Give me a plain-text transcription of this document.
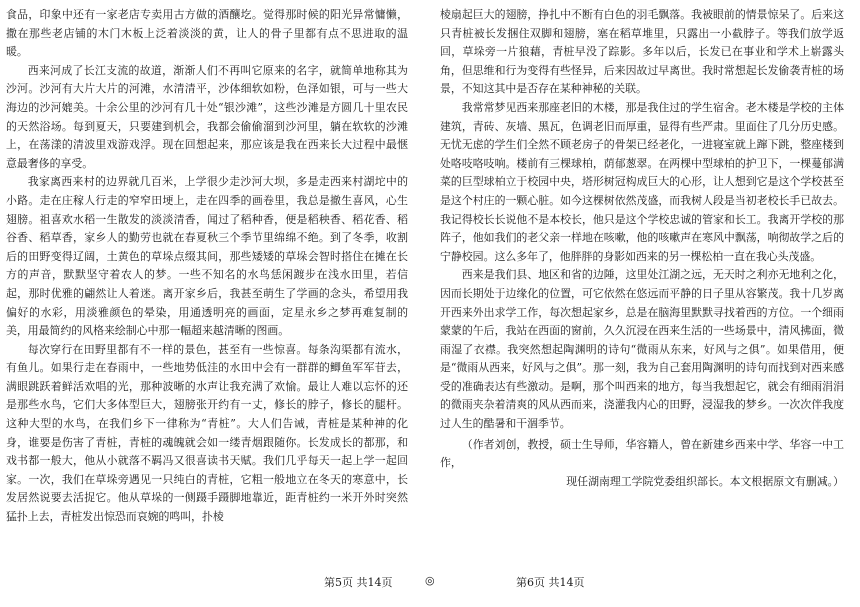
食品，印象中还有一家老店专卖用古方做的酒釀圪。觉得那时候的阳光异常慵懒，撒在那些老店铺的木门木板上泛着淡淡的黄，让人的骨子里都有点不思进取的温暖。

西来河成了长江支流的故道，渐渐人们不再叫它原来的名字，就简单地称其为沙河。沙河有大片大片的河滩，水清清平，沙体细软如粉，色泽如银，可与一些大海边的沙河媲美。十余公里的沙河有几十处“银沙滩”，这些沙滩是方圆几十里农民的天然浴场。每到夏天，只要建到机会，我都会偷偷溜到沙河里，躺在软软的沙滩上，在荡漾的清波里戏游戏浮。现在回想起来，那应该是我在西来长大过程中最惬意最奢侈的享受。

我家离西来村的边界就几百米，上学很少走沙河大坝，多是走西来村湖坨中的小路。走在庄稼人行走的窄窄田埂上，走在四季的画卷里，我总是撤生喜风，心生翅膀。祖喜欢水稻一生散发的淡淡清香，闻过了稻种香，便是稻秧香、稻花香、稻谷香、稻草香，家乡人的勤劳也就在春夏秋三个季节里绵绵不绝。到了冬季，收割后的田野变得辽阔，土黄色的草垛点缀其间，那些矮矮的草垛会智时搭住在摊在长方的声音，默默坚守着农人的梦。一些不知名的水鸟恁闲踱步在浅水田里，若信起，那时优雅的翩然让人着迷。离开家乡后，我甚至萌生了学画的念头，希望用我偏好的水彩，用淡雅颜色的晕染，用通透明亮的画面，定星永乡之梦再难复制的美，用最简约的风格来绘制心中那一幅超来越清晰的图画。

每次穿行在田野里都有不一样的景色，甚至有一些惊喜。每条沟渠都有流水，有鱼儿。如果行走在春雨中，一些地势低洼的水田中会有一群群的鲫鱼军军苷去，满眼跳跃着鲜活欢唱的光，那种波晰的水声让我充满了欢愉。最让人难以忘怀的还是那些水鸟，它们大多体型巨大，翅膀张开约有一丈，修长的脖子，修长的腿杆。这种大型的水鸟，在我们乡下一律称为“青桩”。大人们告诫，青桩是某种神的化身，谁要是伤害了青桩，青桩的魂魄就会如一缕青烟跟随你。长发成长的都那，和戏书都一般大，他从小就落不羁冯又很喜读书天赋。我们几乎每天一起上学一起回家。一次，我们在草垛旁遇见一只纯白的青桩，它粗一般地立在冬天的寒意中，长发居然说要去活捉它。他从草垛的一侧蹑手蹑脚地靠近，距青桩约一米开外时突然猛扑上去，青桩发出惊恐而哀婉的鸣叫，扑棱

棱扇起巨大的翅膀，挣扎中不断有白色的羽毛飘落。我被眼前的情景惊呆了。后来这只青桩被长发捆住双脚和翅膀，塞在稻草堆里，只露出一小截脖子。等我们放学返回，草垛旁一片狼藉，青桩早没了踪影。多年以后，长发已在事业和学术上崭露头角，但思维和行为变得有些怪异，后来因故过早离世。我时常想起长发偷袭青桩的场景，不知这其中是否存在某种神秘的关联。

我常常梦见西来那座老旧的木楼，那是我住过的学生宿舍。老木楼是学校的主体建筑，青砖、灰墙、黑瓦，色调老旧而厚重，显得有些严肃。里面住了几分历史感。无忧无虑的学生们全然不顾老房子的骨架已经老化，一进寝室就上蹿下跳，整座楼到处咯吱咯吱响。楼前有三棵球柏，荫郁葱翠。在两棵中型球柏的护卫下，一棵蔓郁满菜的巨型球柏立于校园中央，塔形树冠构成巨大的心形，让人想到它是这个学校甚至是这个村庄的一颗心脏。如今这棵树依然茂盛，而我树人段是当初老校长手已故去。我记得校长长说他不是本校长，他只是这个学校忠诚的管家和长工。我离开学校的那阵子，他如我们的老父亲一样地在咳嗽，他的咳嗽声在寒风中飘荡，响彻故学之后的宁静校园。这么多年了，他胖胖的身影如西来的另一棵松柏一直在我心头茂盛。

西来是我们县、地区和省的边陲，这里处江湖之远，无天时之利亦无地利之化，因而长期处于边缘化的位置，可它依然在悠远而平静的日子里从容繁茂。我十几岁离开西来外出求学工作，每次想起家乡，总是在脑海里默默寻找着西的方位。一个细雨蒙蒙的午后，我站在西面的窗前，久久沉浸在西来生活的一些场景中，清风拂面，微雨湿了衣襟。我突然想起陶渊明的诗句“微雨从东来，好风与之俱”。如果借用，便是“微雨从西来，好风与之俱”。那一刻，我为自己套用陶渊明的诗句而找到对西来感受的准确表达有些激动。是啊，那个叫西来的地方，每当我想起它，就会有细雨涓涓的微雨夹杂着清爽的风从西而来，浇灌我内心的田野，浸湿我的梦乡。一次次伴我度过人生的酷暑和干涸季节。

（作者刘创，教授，硕士生导师，华容籍人，曾在新建乡西来中学、华容一中工作，

现任湖南理工学院党委组织部长。本文根据原文有删减。）

第5页 共14页	◎	第6页 共14页
